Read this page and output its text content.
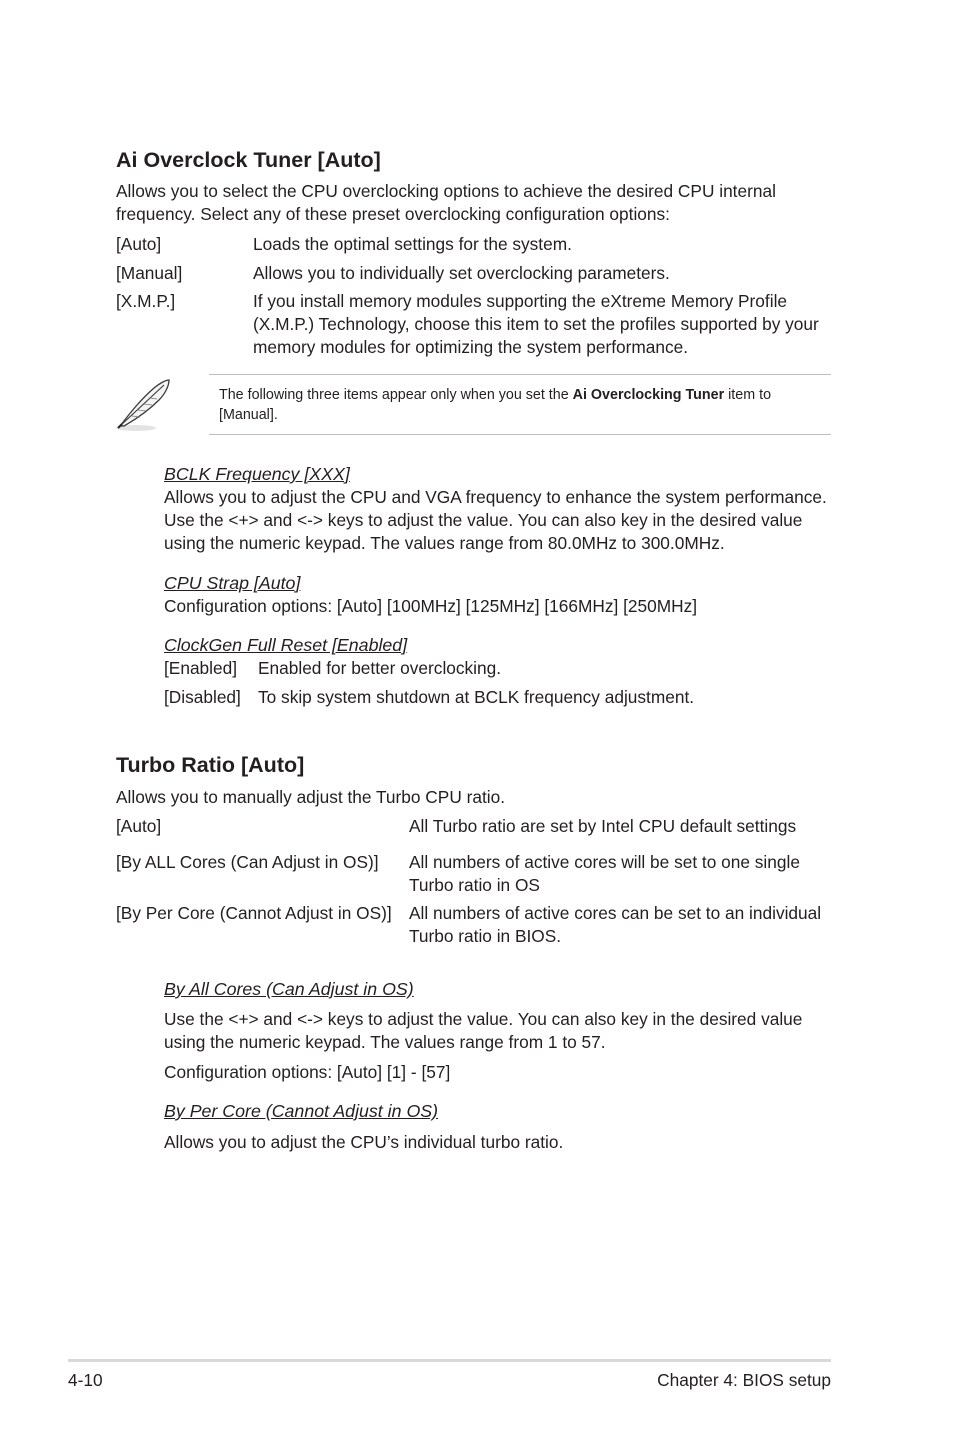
Ai Overclock Tuner [Auto]
Allows you to select the CPU overclocking options to achieve the desired CPU internal
frequency. Select any of these preset overclocking configuration options:
[Auto]	Loads the optimal settings for the system.
[Manual]	Allows you to individually set overclocking parameters.
[X.M.P.]	If you install memory modules supporting the eXtreme Memory Profile
(X.M.P.) Technology, choose this item to set the profiles supported by your
memory modules for optimizing the system performance.
The following three items appear only when you set the Ai Overclocking Tuner item to
[Manual].
BCLK Frequency [XXX]
Allows you to adjust the CPU and VGA frequency to enhance the system performance.
Use the <+> and <-> keys to adjust the value. You can also key in the desired value
using the numeric keypad. The values range from 80.0MHz to 300.0MHz.
CPU Strap [Auto]
Configuration options: [Auto] [100MHz] [125MHz] [166MHz] [250MHz]
ClockGen Full Reset [Enabled]
[Enabled] Enabled for better overclocking.
[Disabled] To skip system shutdown at BCLK frequency adjustment.
Turbo Ratio [Auto]
Allows you to manually adjust the Turbo CPU ratio.
[Auto]	All Turbo ratio are set by Intel CPU default settings
[By ALL Cores (Can Adjust in OS)] All numbers of active cores will be set to one single
Turbo ratio in OS
[By Per Core (Cannot Adjust in OS)] All numbers of active cores can be set to an individual
Turbo ratio in BIOS.
By All Cores (Can Adjust in OS)
Use the <+> and <-> keys to adjust the value. You can also key in the desired value
using the numeric keypad. The values range from 1 to 57.
Configuration options: [Auto] [1] - [57]
By Per Core (Cannot Adjust in OS)
Allows you to adjust the CPU’s individual turbo ratio.
4-10	Chapter 4: BIOS setup
